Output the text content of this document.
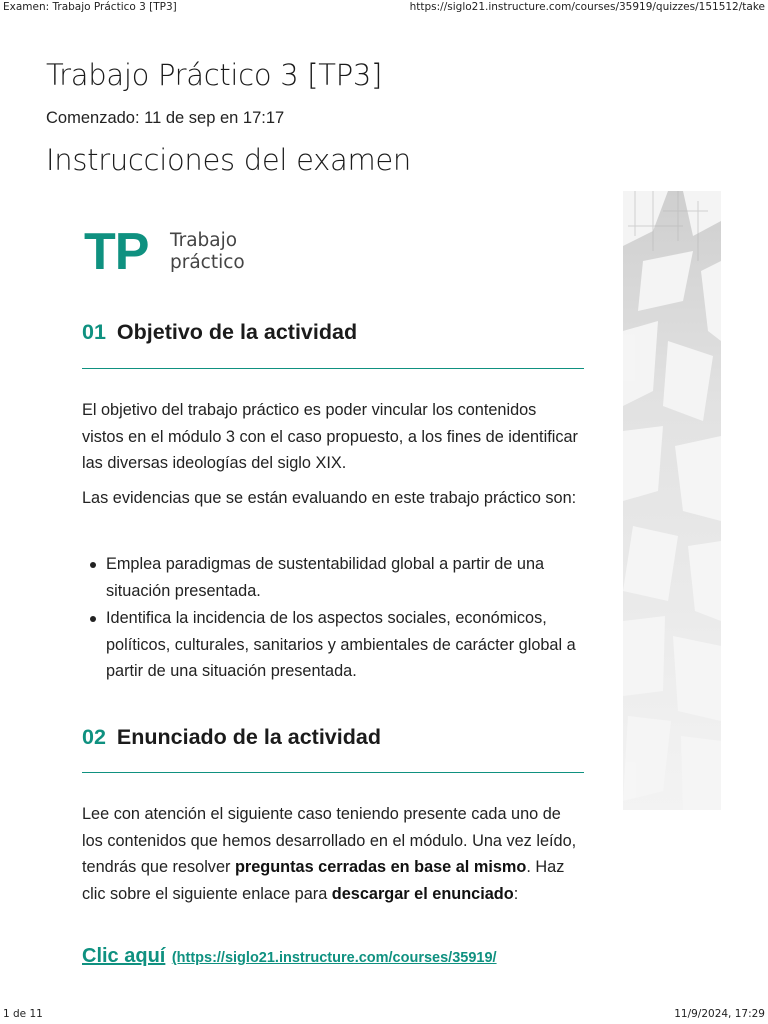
Examen: Trabajo Práctico 3 [TP3]	https://siglo21.instructure.com/courses/35919/quizzes/151512/take
Trabajo Práctico 3 [TP3]
Comenzado: 11 de sep en 17:17
Instrucciones del examen
TP Trabajo
práctico
01 Objetivo de la actividad

El objetivo del trabajo práctico es poder vincular los contenidos vistos en el módulo 3 con el caso propuesto, a los fines de identificar las diversas ideologías del siglo XIX.

Las evidencias que se están evaluando en este trabajo práctico son:

Emplea paradigmas de sustentabilidad global a partir de una situación presentada.
Identifica la incidencia de los aspectos sociales, económicos, políticos, culturales, sanitarios y ambientales de carácter global a partir de una situación presentada.
02 Enunciado de la actividad

Lee con atención el siguiente caso teniendo presente cada uno de los contenidos que hemos desarrollado en el módulo. Una vez leído, tendrás que resolver preguntas cerradas en base al mismo. Haz clic sobre el siguiente enlace para descargar el enunciado:

Clic aquí (https://siglo21.instructure.com/courses/35919/
1 de 11	11/9/2024, 17:29
